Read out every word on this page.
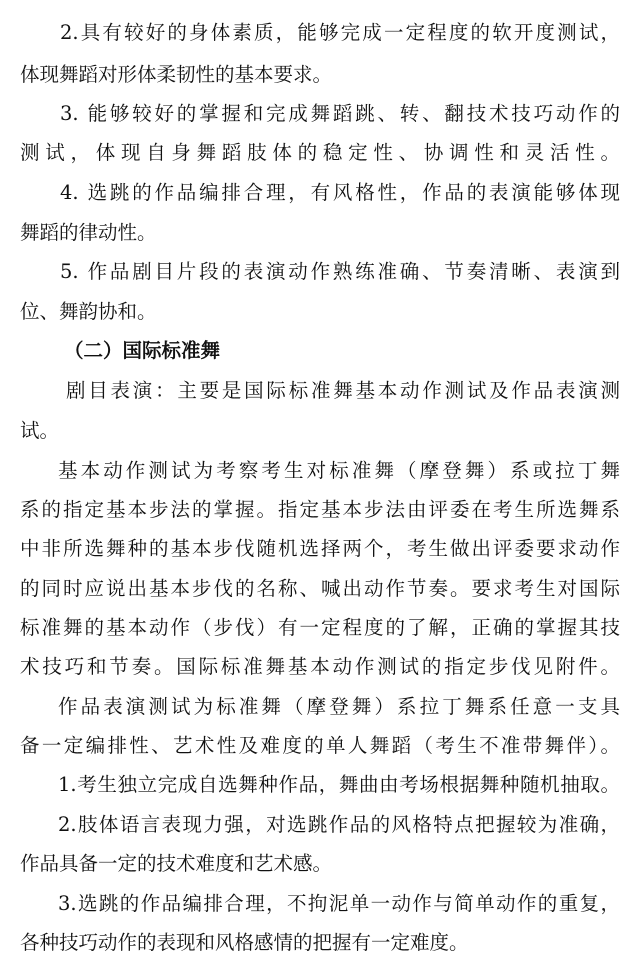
2.具有较好的身体素质，能够完成一定程度的软开度测试，

体现舞蹈对形体柔韧性的基本要求。

3. 能够较好的掌握和完成舞蹈跳、转、翻技术技巧动作的

测试，体现自身舞蹈肢体的稳定性、协调性和灵活性。

4. 选跳的作品编排合理，有风格性，作品的表演能够体现

舞蹈的律动性。

5. 作品剧目片段的表演动作熟练准确、节奏清晰、表演到

位、舞韵协和。

（二）国际标准舞

剧目表演：主要是国际标准舞基本动作测试及作品表演测

试。

基本动作测试为考察考生对标准舞（摩登舞）系或拉丁舞

系的指定基本步法的掌握。指定基本步法由评委在考生所选舞系

中非所选舞种的基本步伐随机选择两个，考生做出评委要求动作

的同时应说出基本步伐的名称、喊出动作节奏。要求考生对国际

标准舞的基本动作（步伐）有一定程度的了解，正确的掌握其技

术技巧和节奏。国际标准舞基本动作测试的指定步伐见附件。

作品表演测试为标准舞（摩登舞）系拉丁舞系任意一支具

备一定编排性、艺术性及难度的单人舞蹈（考生不准带舞伴）。

1.考生独立完成自选舞种作品，舞曲由考场根据舞种随机抽取。

2.肢体语言表现力强，对选跳作品的风格特点把握较为准确，

作品具备一定的技术难度和艺术感。

3.选跳的作品编排合理，不拘泥单一动作与简单动作的重复，

各种技巧动作的表现和风格感情的把握有一定难度。
